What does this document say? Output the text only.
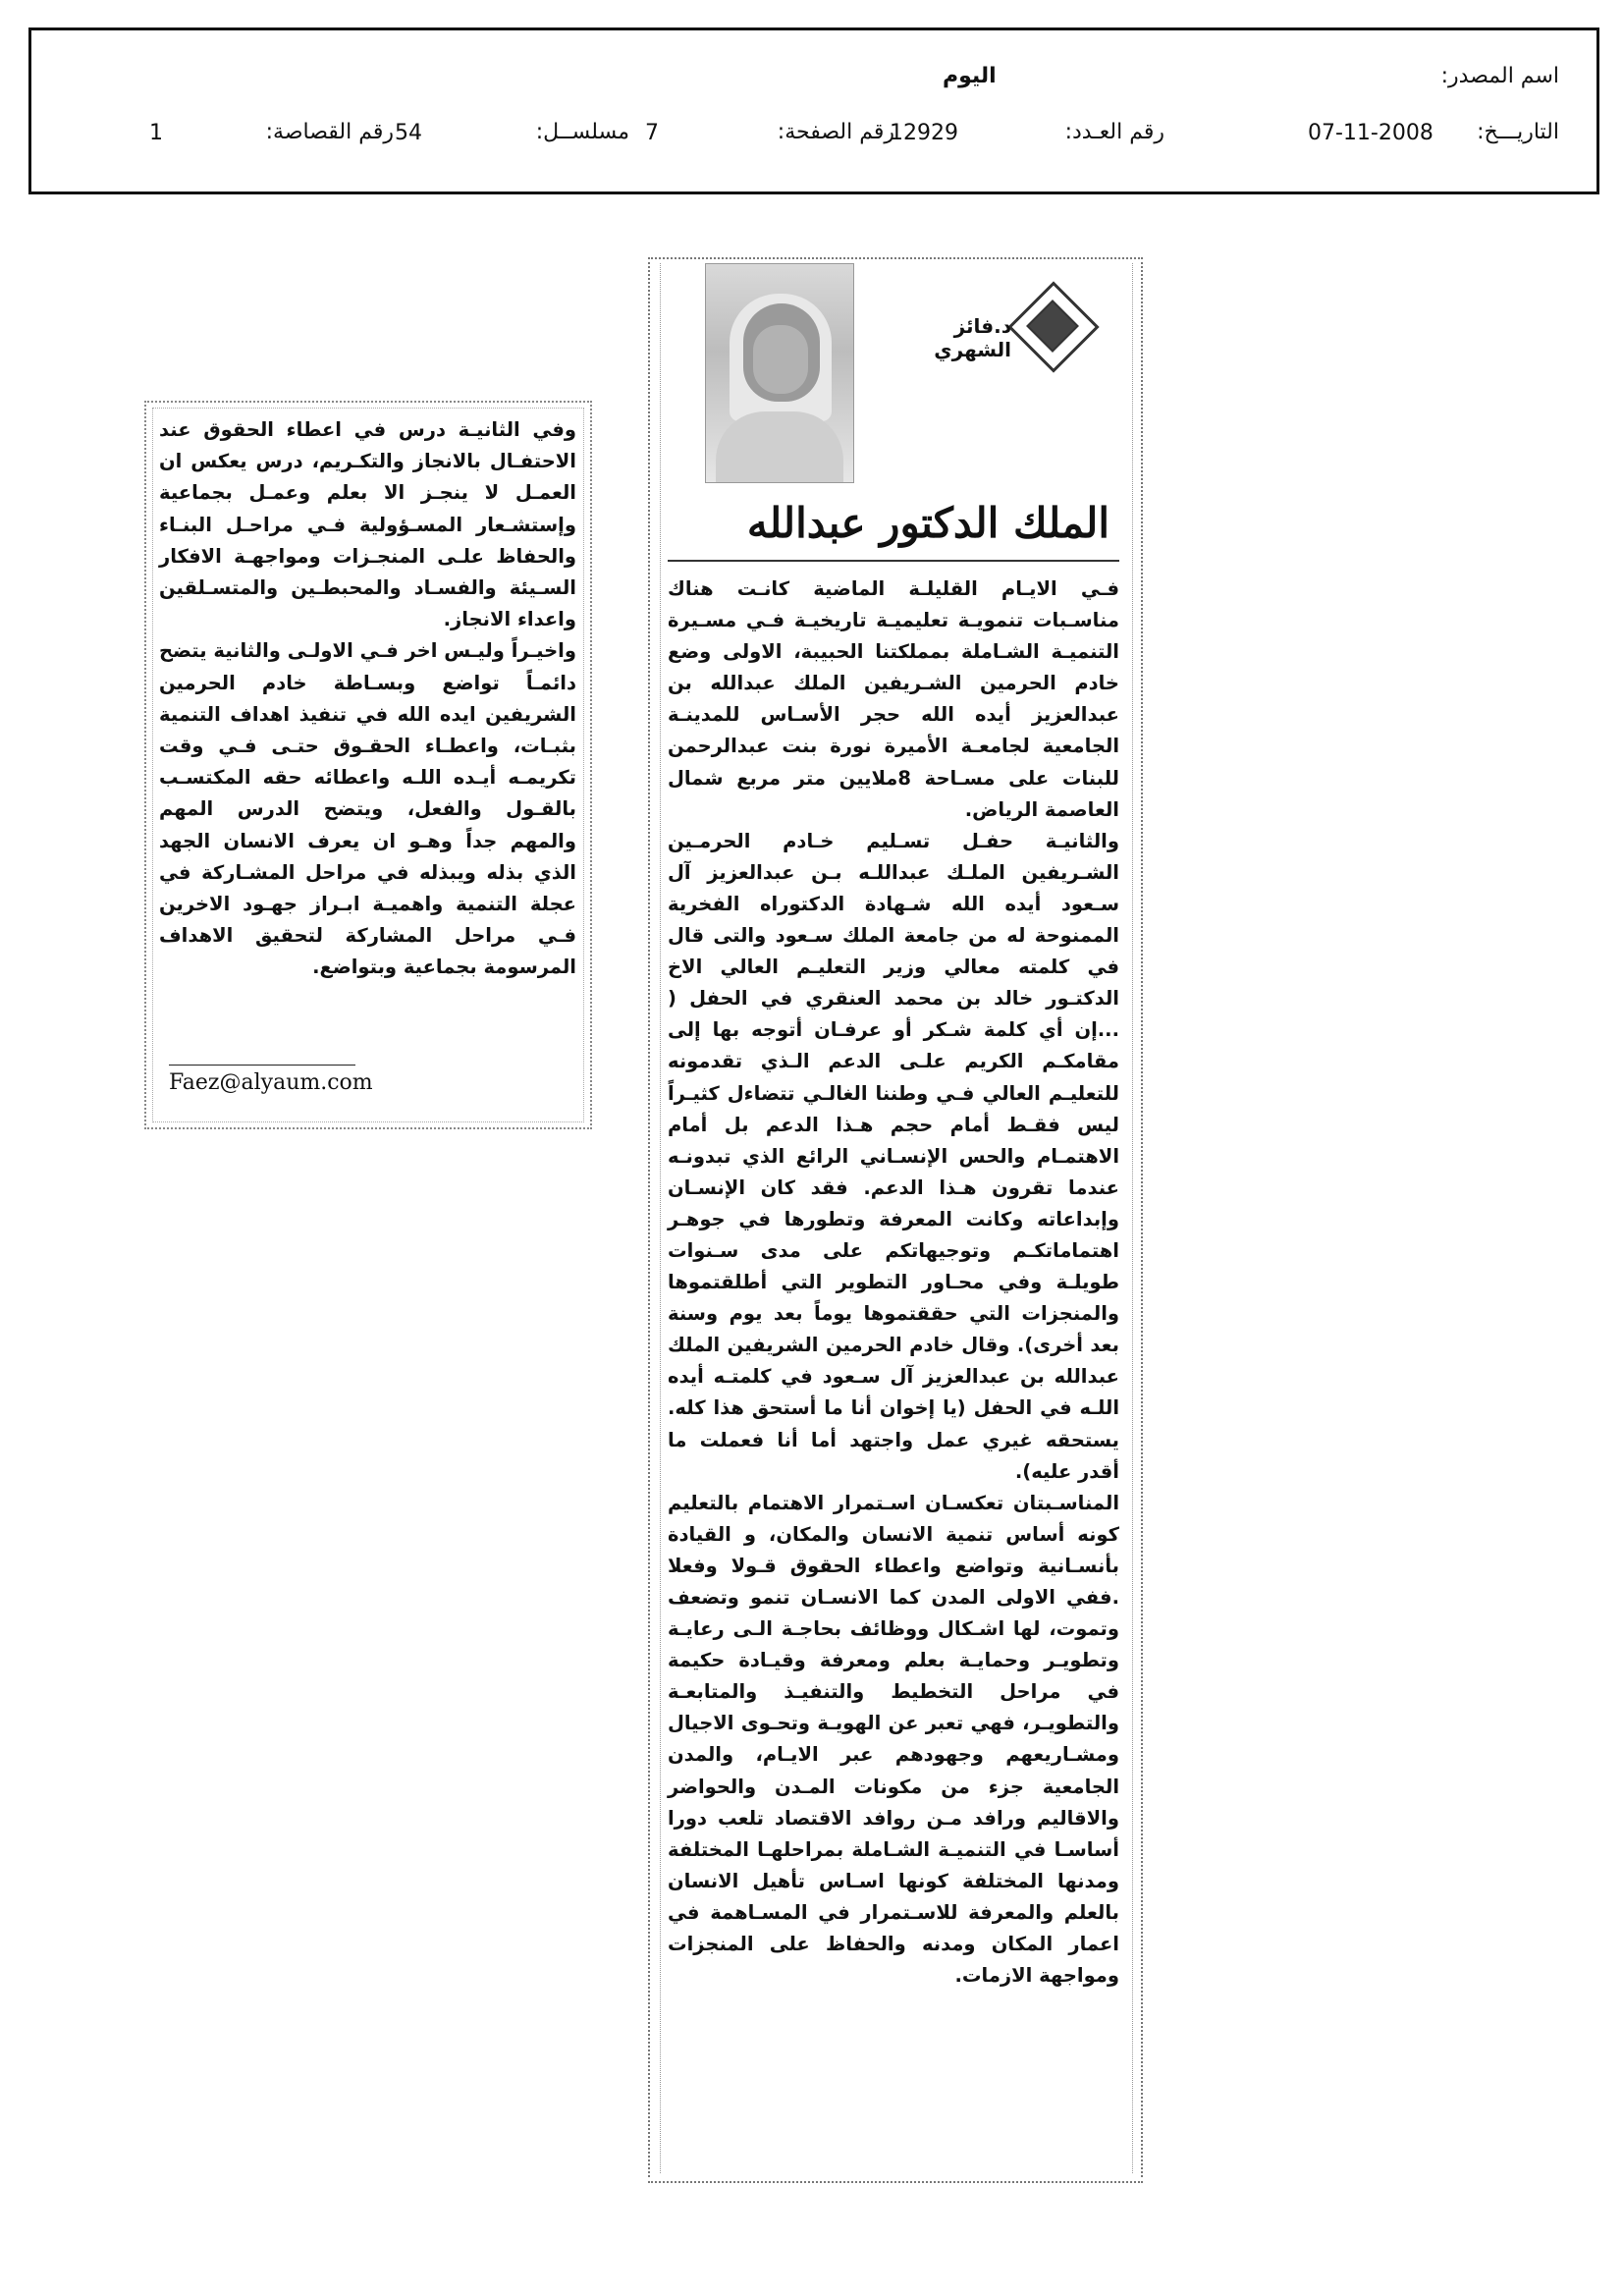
اسم المصدر:
اليوم
التاريـــخ:
07-11-2008
رقم العـدد:
12929
رقم الصفحة:
7
مسلســل:
54
رقم القصاصة:
1
د.فائز الشهري
الملك الدكتور عبدالله

فـي الايـام القليلـة الماضية كانـت هناك مناسـبات تنمويـة تعليميـة تاريخيـة فـي مسـيرة التنميـة الشـاملة بمملكتنا الحبيبة، الاولى وضع خادم الحرمين الشـريفين الملك عبدالله بن عبدالعزيز أيده الله حجر الأسـاس للمدينـة الجامعية لجامعـة الأميرة نورة بنت عبدالرحمن للبنات على مسـاحة 8ملايين متر مربع شمال العاصمة الرياض.

والثانيـة حفـل تسـليم خـادم الحرمـين الشـريفين الملـك عبداللـه بـن عبدالعزيز آل سـعود أيده الله شـهادة الدكتوراه الفخرية الممنوحة له من جامعة الملك سـعود والتى قال في كلمته معالي وزير التعليـم العالي الاخ الدكتـور خالد بن محمد العنقري في الحفل ( ...إن أي كلمة شـكر أو عرفـان أتوجه بها إلى مقامكـم الكريم علـى الدعم الـذي تقدمونه للتعليـم العالي فـي وطننا الغالـي تتضاءل كثيـراً ليس فقـط أمام حجم هـذا الدعم بل أمام الاهتمـام والحس الإنسـاني الرائع الذي تبدونـه عندما تقرون هـذا الدعم. فقد كان الإنسـان وإبداعاته وكانت المعرفة وتطورها في جوهـر اهتماماتكـم وتوجيهاتكم على مدى سـنوات طويلـة وفي محـاور التطوير التي أطلقتموها والمنجزات التي حققتموها يوماً بعد يوم وسنة بعد أخرى). وقال خادم الحرمين الشريفين الملك عبدالله بن عبدالعزيز آل سـعود في كلمتـه أيده اللـه في الحفل (يا إخوان أنا ما أستحق هذا كله. يستحقه غيري عمل واجتهد أما أنا فعملت ما أقدر عليه).

المناسـبتان تعكسـان اسـتمرار الاهتمام بالتعليم كونه أساس تنمية الانسان والمكان، و القيادة بأنسـانية وتواضع واعطاء الحقوق قـولا وفعلا .ففي الاولى المدن كما الانسـان تنمو وتضعف وتموت، لها اشـكال ووظائف بحاجـة الـى رعايـة وتطويـر وحمايـة بعلم ومعرفة وقيـادة حكيمة في مراحل التخطيط والتنفيـذ والمتابعـة والتطويـر، فهي تعبر عن الهويـة وتحـوى الاجيال ومشـاريعهم وجهودهم عبر الايـام، والمدن الجامعية جزء من مكونات المـدن والحواضر والاقاليم ورافد مـن روافد الاقتصاد تلعب دورا أساسـا في التنميـة الشـاملة بمراحلهـا المختلفة ومدنها المختلفة كونها اسـاس تأهيل الانسان بالعلم والمعرفة للاسـتمرار في المسـاهمة في اعمار المكان ومدنه والحفاظ على المنجزات ومواجهة الازمات.

وفي الثانيـة درس في اعطاء الحقوق عند الاحتفـال بالانجاز والتكـريم، درس يعكس ان العمـل لا ينجـز الا بعلم وعمـل بجماعية وإستشـعار المسـؤولية فـي مراحـل البنـاء والحفاظ علـى المنجـزات ومواجهـة الافكار السـيئة والفسـاد والمحبطـين والمتسـلقين واعداء الانجاز.

واخيـراً وليـس اخر فـي الاولـى والثانية يتضح دائمـاً تواضع وبسـاطة خادم الحرمين الشريفين ايده الله في تنفيذ اهداف التنمية بثبـات، واعطـاء الحقـوق حتـى فـي وقت تكريمـه أيـده اللـه واعطائه حقه المكتسـب بالقـول والفعل، ويتضح الدرس المهم والمهم جداً وهـو ان يعرف الانسان الجهد الذي بذله ويبذله في مراحل المشـاركة في عجلة التنمية واهميـة ابـراز جهـود الاخرين فـي مراحل المشاركة لتحقيق الاهداف المرسومة بجماعية وبتواضع.

Faez@alyaum.com
